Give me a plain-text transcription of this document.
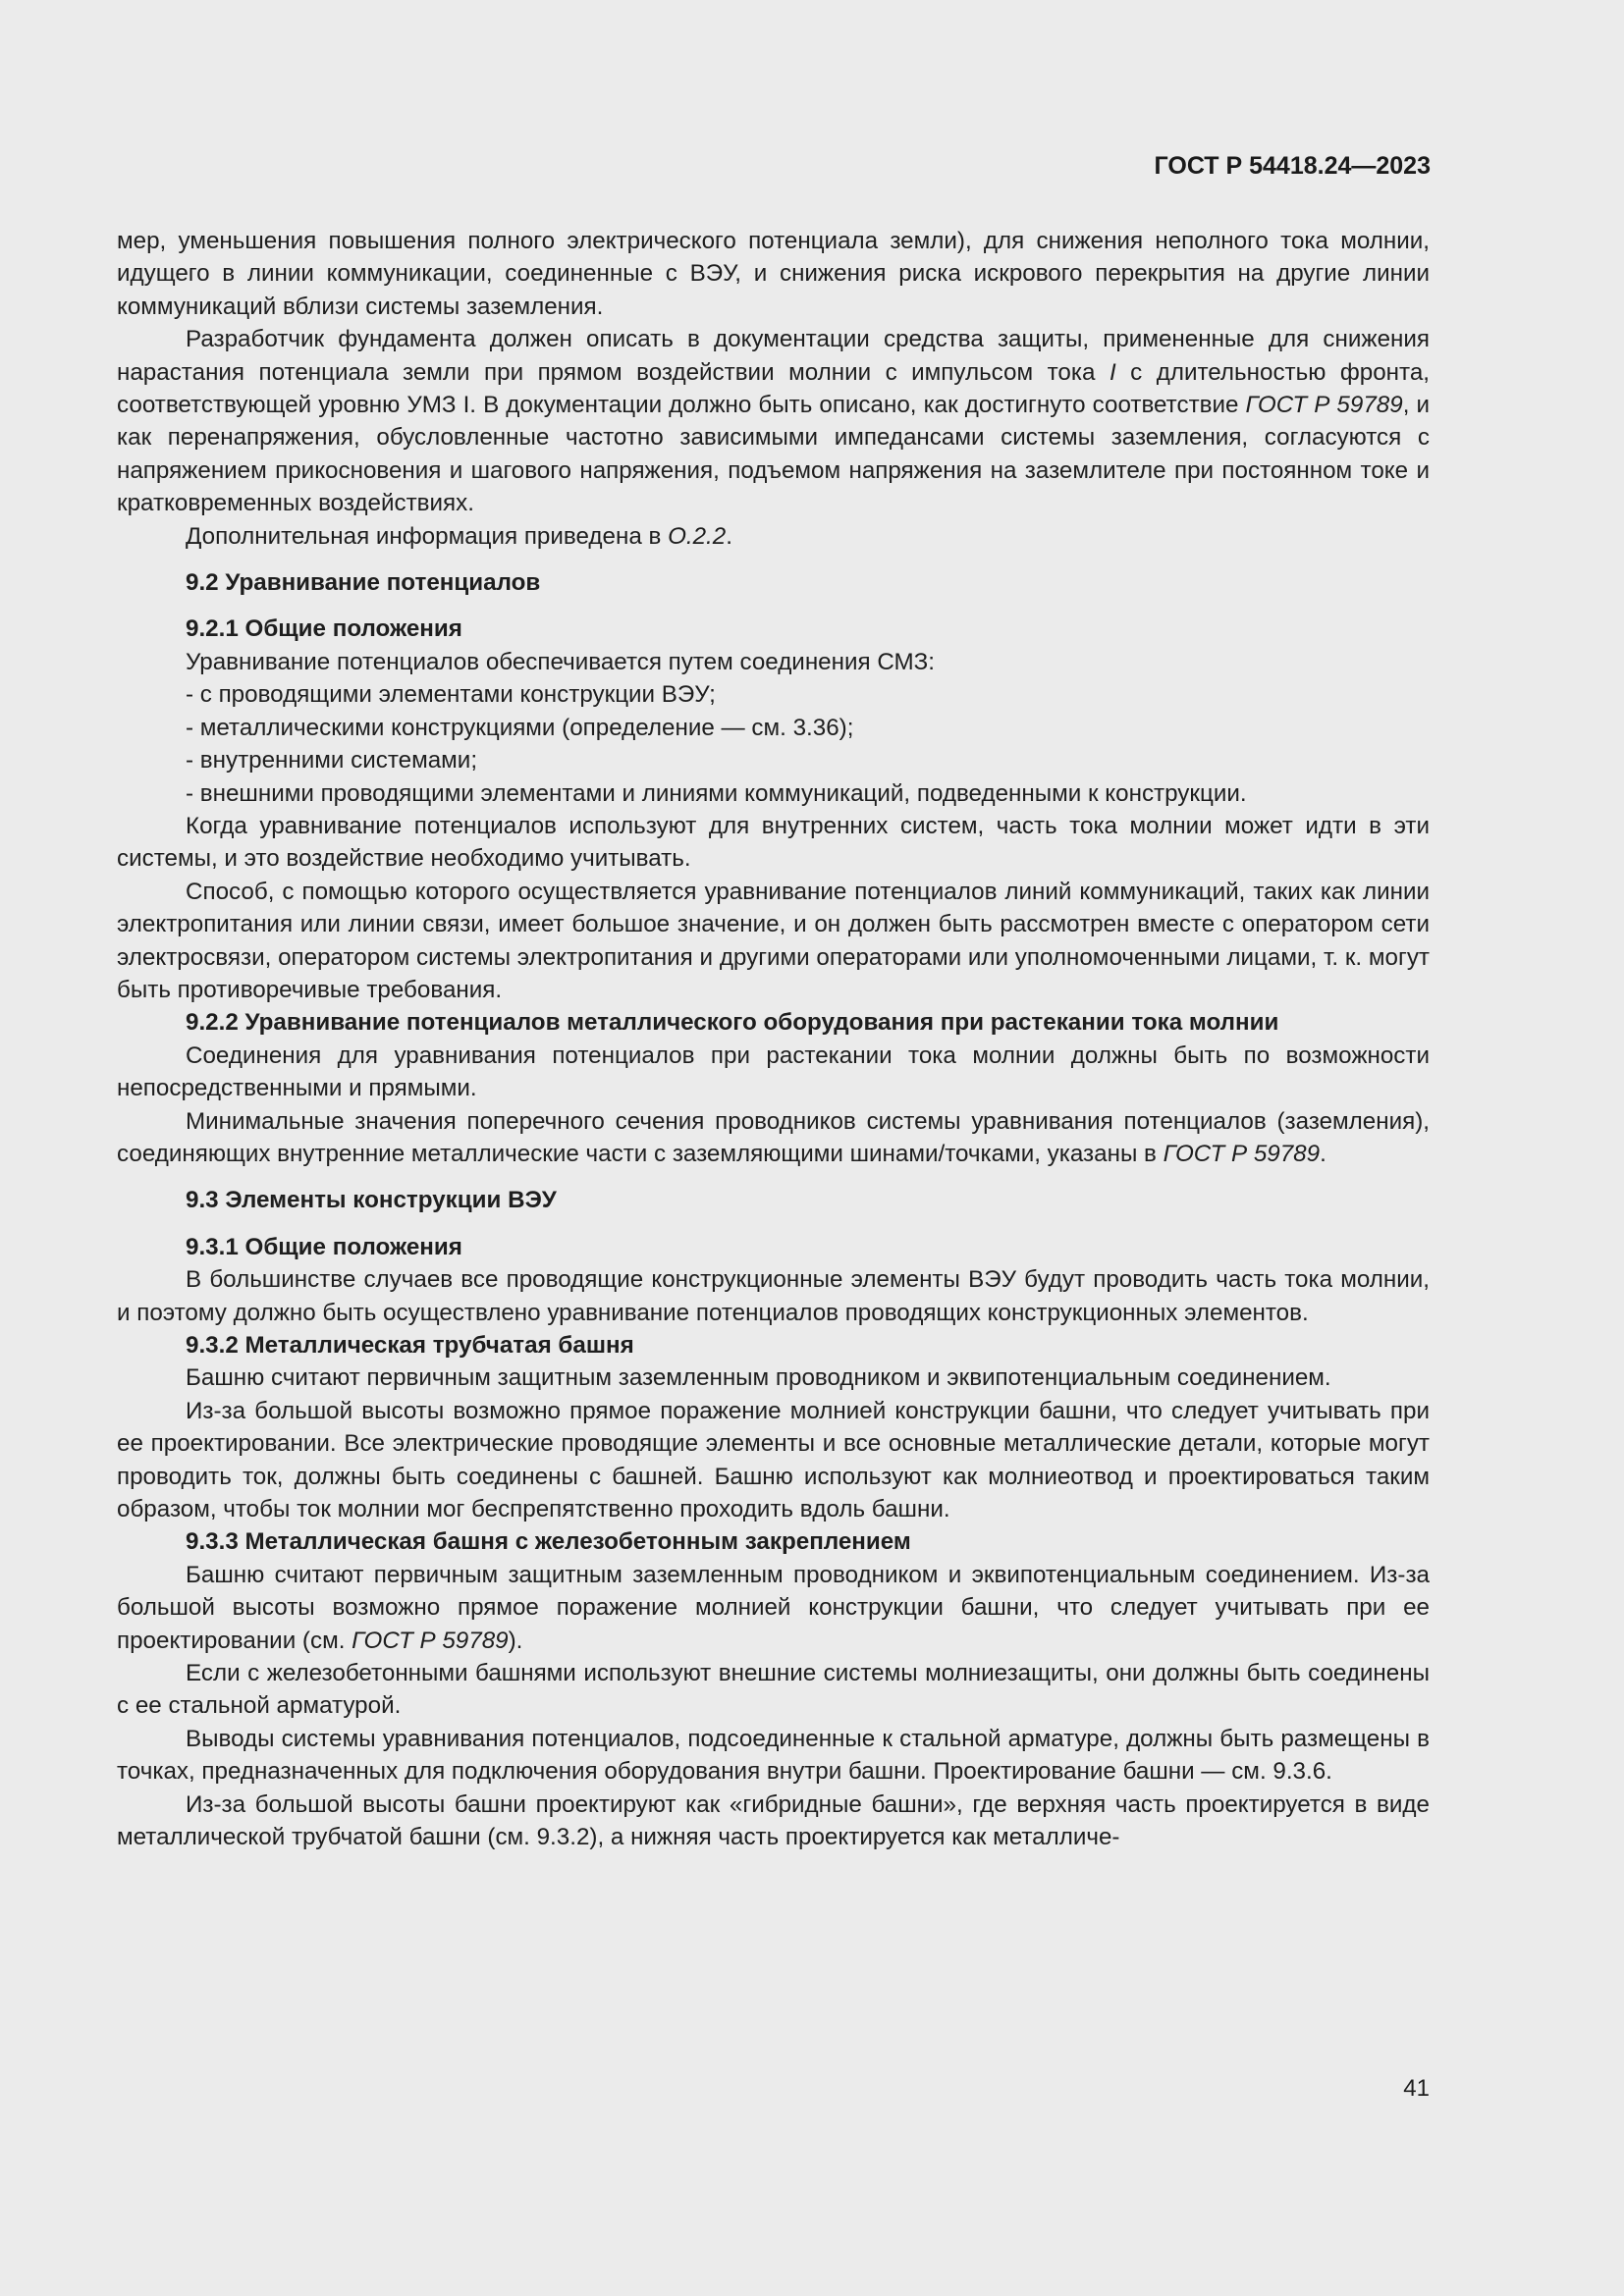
ГОСТ Р 54418.24—2023

мер, уменьшения повышения полного электрического потенциала земли), для снижения неполного тока молнии, идущего в линии коммуникации, соединенные с ВЭУ, и снижения риска искрового перекрытия на другие линии коммуникаций вблизи системы заземления.

Разработчик фундамента должен описать в документации средства защиты, примененные для снижения нарастания потенциала земли при прямом воздействии молнии с импульсом тока I с длительностью фронта, соответствующей уровню УМЗ I. В документации должно быть описано, как достигнуто соответствие ГОСТ Р 59789, и как перенапряжения, обусловленные частотно зависимыми импедансами системы заземления, согласуются с напряжением прикосновения и шагового напряжения, подъемом напряжения на заземлителе при постоянном токе и кратковременных воздействиях.

Дополнительная информация приведена в O.2.2.

9.2 Уравнивание потенциалов

9.2.1 Общие положения

Уравнивание потенциалов обеспечивается путем соединения СМЗ:

- с проводящими элементами конструкции ВЭУ;

- металлическими конструкциями (определение — см. 3.36);

- внутренними системами;

- внешними проводящими элементами и линиями коммуникаций, подведенными к конструкции.

Когда уравнивание потенциалов используют для внутренних систем, часть тока молнии может идти в эти системы, и это воздействие необходимо учитывать.

Способ, с помощью которого осуществляется уравнивание потенциалов линий коммуникаций, таких как линии электропитания или линии связи, имеет большое значение, и он должен быть рассмотрен вместе с оператором сети электросвязи, оператором системы электропитания и другими операторами или уполномоченными лицами, т. к. могут быть противоречивые требования.

9.2.2 Уравнивание потенциалов металлического оборудования при растекании тока молнии

Соединения для уравнивания потенциалов при растекании тока молнии должны быть по возможности непосредственными и прямыми.

Минимальные значения поперечного сечения проводников системы уравнивания потенциалов (заземления), соединяющих внутренние металлические части с заземляющими шинами/точками, указаны в ГОСТ Р 59789.

9.3 Элементы конструкции ВЭУ

9.3.1 Общие положения

В большинстве случаев все проводящие конструкционные элементы ВЭУ будут проводить часть тока молнии, и поэтому должно быть осуществлено уравнивание потенциалов проводящих конструкционных элементов.

9.3.2 Металлическая трубчатая башня

Башню считают первичным защитным заземленным проводником и эквипотенциальным соединением.

Из-за большой высоты возможно прямое поражение молнией конструкции башни, что следует учитывать при ее проектировании. Все электрические проводящие элементы и все основные металлические детали, которые могут проводить ток, должны быть соединены с башней. Башню используют как молниеотвод и проектироваться таким образом, чтобы ток молнии мог беспрепятственно проходить вдоль башни.

9.3.3 Металлическая башня с железобетонным закреплением

Башню считают первичным защитным заземленным проводником и эквипотенциальным соединением. Из-за большой высоты возможно прямое поражение молнией конструкции башни, что следует учитывать при ее проектировании (см. ГОСТ Р 59789).

Если с железобетонными башнями используют внешние системы молниезащиты, они должны быть соединены с ее стальной арматурой.

Выводы системы уравнивания потенциалов, подсоединенные к стальной арматуре, должны быть размещены в точках, предназначенных для подключения оборудования внутри башни. Проектирование башни — см. 9.3.6.

Из-за большой высоты башни проектируют как «гибридные башни», где верхняя часть проектируется в виде металлической трубчатой башни (см. 9.3.2), а нижняя часть проектируется как металличе-

41
